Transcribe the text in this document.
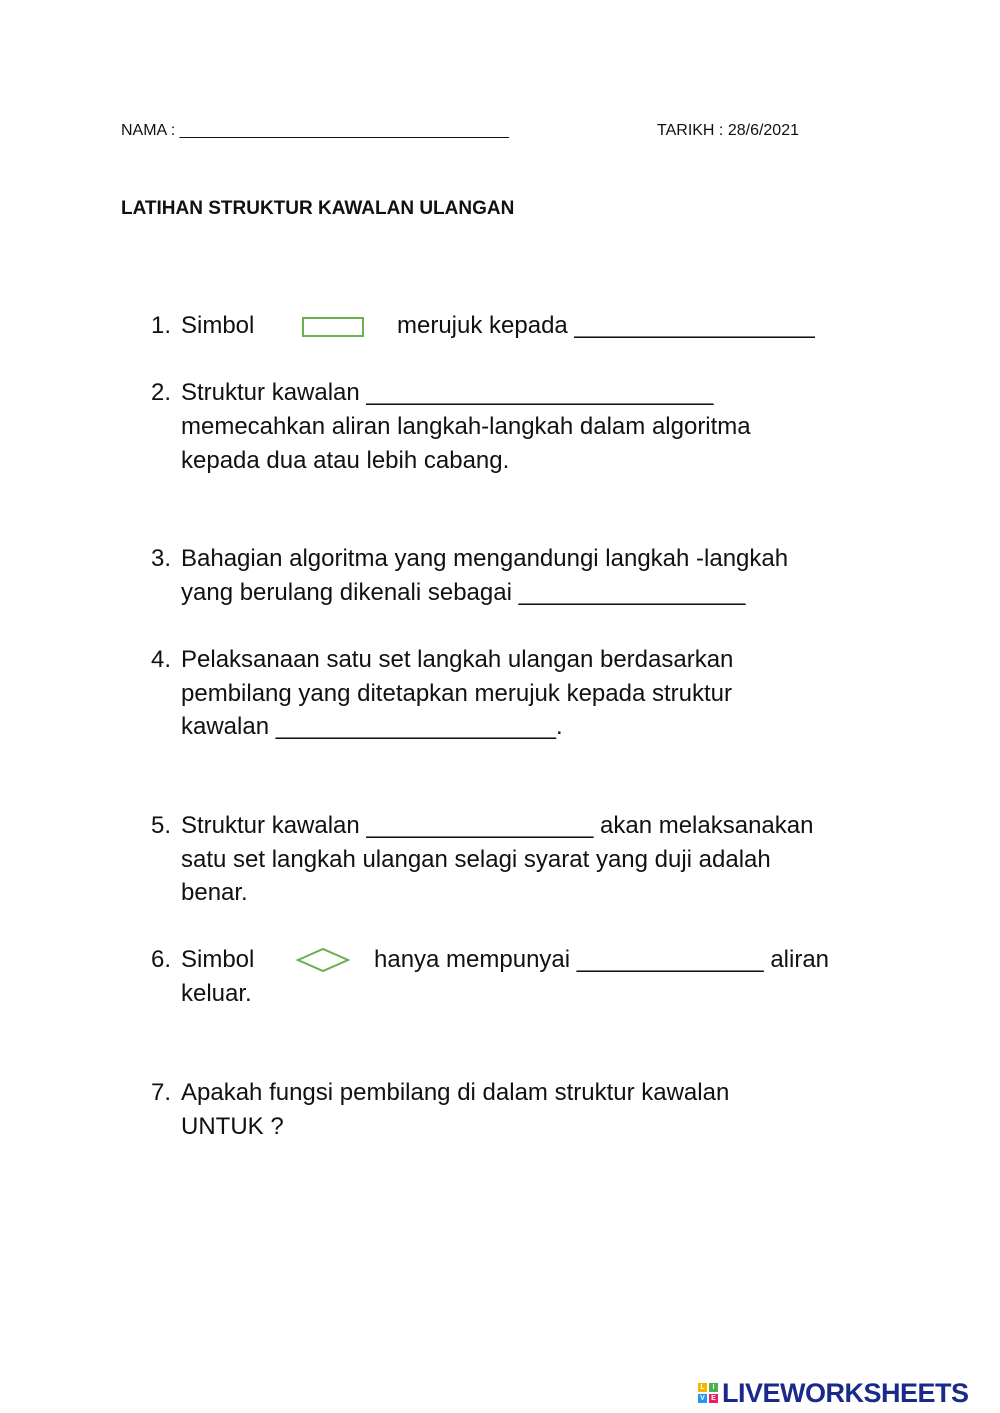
NAMA : _____________________________________	TARIKH : 28/6/2021
LATIHAN STRUKTUR KAWALAN ULANGAN
1. Simbol	merujuk kepada __________________
2. Struktur kawalan __________________________
memecahkan aliran langkah-langkah dalam algoritma
kepada dua atau lebih cabang.
3. Bahagian algoritma yang mengandungi langkah -langkah
yang berulang dikenali sebagai _________________
4. Pelaksanaan satu set langkah ulangan berdasarkan
pembilang yang ditetapkan merujuk kepada struktur
kawalan _____________________.
5. Struktur kawalan _________________ akan melaksanakan
satu set langkah ulangan selagi syarat yang duji adalah
benar.
6. Simbol	hanya mempunyai ______________ aliran
keluar.
7. Apakah fungsi pembilang di dalam struktur kawalan
UNTUK ?
L	I
V E LIVEWORKSHEETS
